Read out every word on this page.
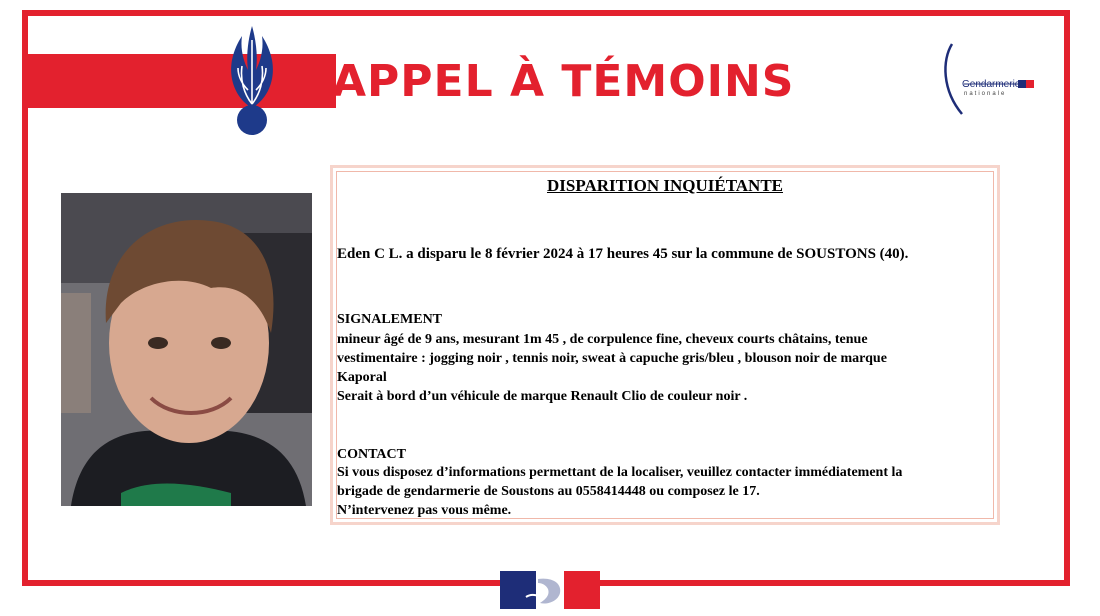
APPEL À TÉMOINS	Gendarmerie
nationale
DISPARITION INQUIÉTANTE
Eden C L. a disparu le 8 février 2024 à 17 heures 45 sur la commune de SOUSTONS (40).
SIGNALEMENT
mineur âgé de 9 ans, mesurant 1m 45 , de corpulence fine, cheveux courts châtains, tenue
vestimentaire : jogging noir , tennis noir, sweat à capuche gris/bleu , blouson noir de marque
Kaporal
Serait à bord d’un véhicule de marque Renault Clio de couleur noir .
CONTACT
Si vous disposez d’informations permettant de la localiser, veuillez contacter immédiatement la
brigade de gendarmerie de Soustons au 0558414448 ou composez le 17.
N’intervenez pas vous même.
